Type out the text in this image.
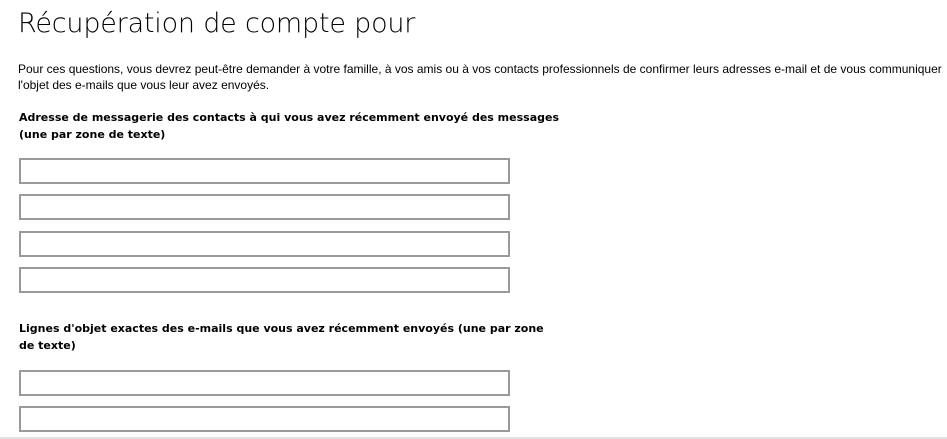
Récupération de compte pour

Pour ces questions, vous devrez peut-être demander à votre famille, à vos amis ou à vos contacts professionnels de confirmer leurs adresses e-mail et de vous communiquer
l'objet des e-mails que vous leur avez envoyés.

Adresse de messagerie des contacts à qui vous avez récemment envoyé des messages
(une par zone de texte)

Lignes d'objet exactes des e-mails que vous avez récemment envoyés (une par zone
de texte)
